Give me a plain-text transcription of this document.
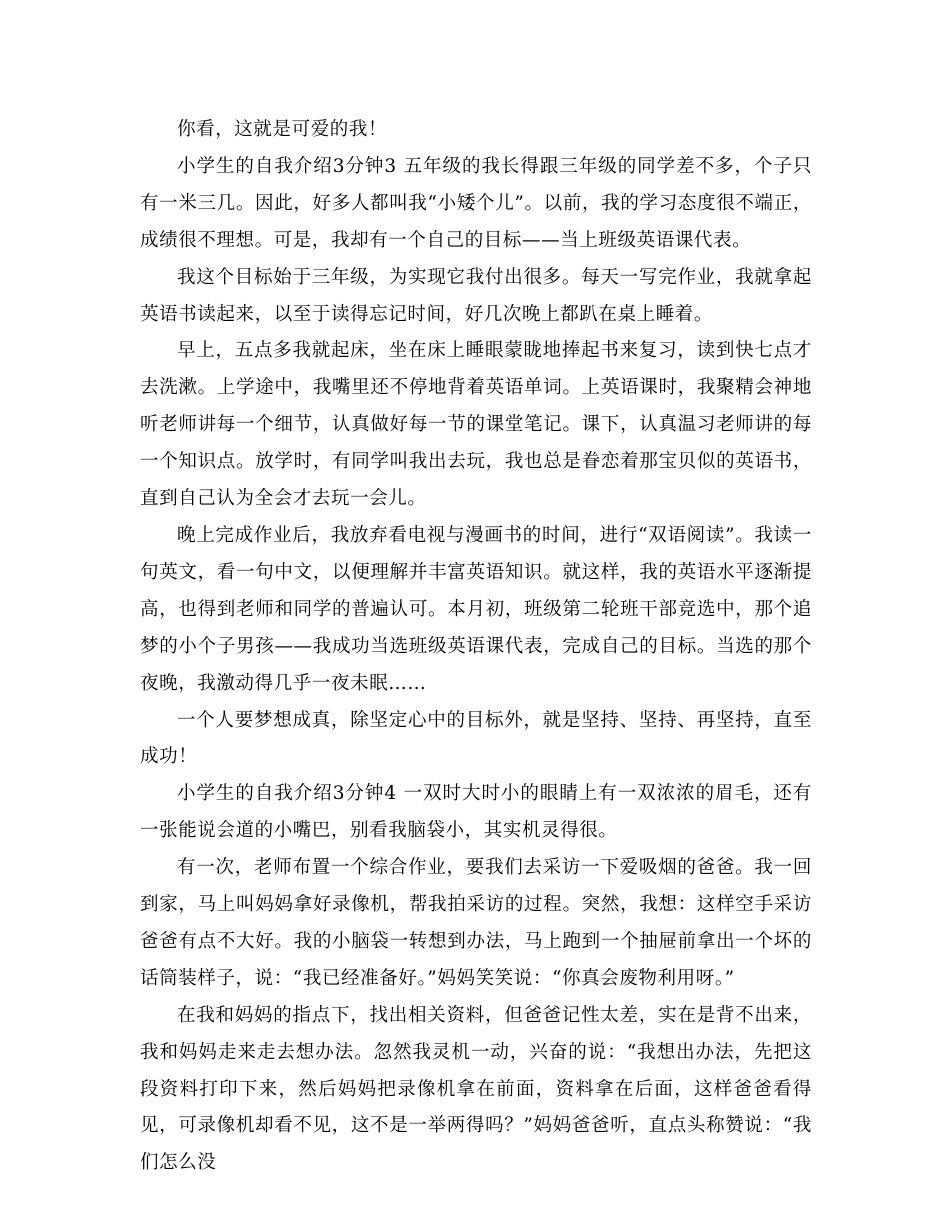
你看，这就是可爱的我！

小学生的自我介绍3分钟3 五年级的我长得跟三年级的同学差不多，个子只有一米三几。因此，好多人都叫我“小矮个儿”。以前，我的学习态度很不端正，成绩很不理想。可是，我却有一个自己的目标——当上班级英语课代表。

我这个目标始于三年级，为实现它我付出很多。每天一写完作业，我就拿起英语书读起来，以至于读得忘记时间，好几次晚上都趴在桌上睡着。

早上，五点多我就起床，坐在床上睡眼蒙眬地捧起书来复习，读到快七点才去洗漱。上学途中，我嘴里还不停地背着英语单词。上英语课时，我聚精会神地听老师讲每一个细节，认真做好每一节的课堂笔记。课下，认真温习老师讲的每一个知识点。放学时，有同学叫我出去玩，我也总是眷恋着那宝贝似的英语书，直到自己认为全会才去玩一会儿。

晚上完成作业后，我放弃看电视与漫画书的时间，进行“双语阅读”。我读一句英文，看一句中文，以便理解并丰富英语知识。就这样，我的英语水平逐渐提高，也得到老师和同学的普遍认可。本月初，班级第二轮班干部竞选中，那个追梦的小个子男孩——我成功当选班级英语课代表，完成自己的目标。当选的那个夜晚，我激动得几乎一夜未眠……

一个人要梦想成真，除坚定心中的目标外，就是坚持、坚持、再坚持，直至成功！

小学生的自我介绍3分钟4 一双时大时小的眼睛上有一双浓浓的眉毛，还有一张能说会道的小嘴巴，别看我脑袋小，其实机灵得很。

有一次，老师布置一个综合作业，要我们去采访一下爱吸烟的爸爸。我一回到家，马上叫妈妈拿好录像机，帮我拍采访的过程。突然，我想：这样空手采访爸爸有点不大好。我的小脑袋一转想到办法，马上跑到一个抽屉前拿出一个坏的话筒装样子，说：“我已经准备好。”妈妈笑笑说：“你真会废物利用呀。”

在我和妈妈的指点下，找出相关资料，但爸爸记性太差，实在是背不出来，我和妈妈走来走去想办法。忽然我灵机一动，兴奋的说：“我想出办法，先把这段资料打印下来，然后妈妈把录像机拿在前面，资料拿在后面，这样爸爸看得见，可录像机却看不见，这不是一举两得吗？”妈妈爸爸听，直点头称赞说：“我们怎么没
